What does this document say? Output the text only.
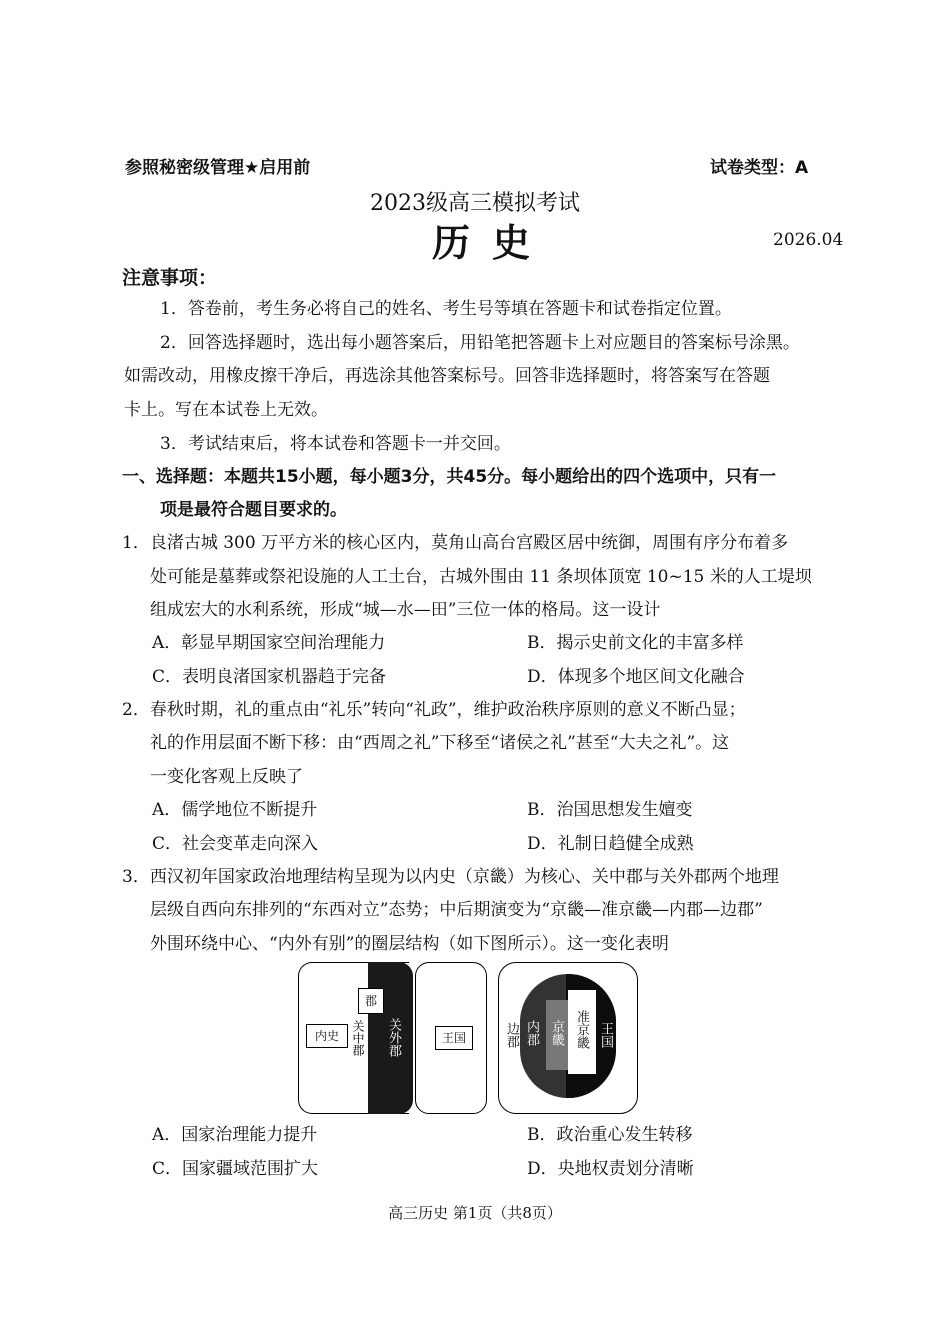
参照秘密级管理★启用前	试卷类型：A
2023级高三模拟考试
历史	2026.04
注意事项：
1．答卷前，考生务必将自己的姓名、考生号等填在答题卡和试卷指定位置。
2．回答选择题时，选出每小题答案后，用铅笔把答题卡上对应题目的答案标号涂黑。
如需改动，用橡皮擦干净后，再选涂其他答案标号。回答非选择题时，将答案写在答题
卡上。写在本试卷上无效。
3．考试结束后，将本试卷和答题卡一并交回。
一、选择题：本题共15小题，每小题3分，共45分。每小题给出的四个选项中，只有一
项是最符合题目要求的。
1．良渚古城 300 万平方米的核心区内，莫角山高台宫殿区居中统御，周围有序分布着多
处可能是墓葬或祭祀设施的人工土台，古城外围由 11 条坝体顶宽 10~15 米的人工堤坝
组成宏大的水利系统，形成“城—水—田”三位一体的格局。这一设计
A．彰显早期国家空间治理能力	B．揭示史前文化的丰富多样
C．表明良渚国家机器趋于完备	D．体现多个地区间文化融合
2．春秋时期，礼的重点由“礼乐”转向“礼政”，维护政治秩序原则的意义不断凸显；
礼的作用层面不断下移：由“西周之礼”下移至“诸侯之礼”甚至“大夫之礼”。这
一变化客观上反映了
A．儒学地位不断提升	B．治国思想发生嬗变
C．社会变革走向深入	D．礼制日趋健全成熟
3．西汉初年国家政治地理结构呈现为以内史（京畿）为核心、关中郡与关外郡两个地理
层级自西向东排列的“东西对立”态势；中后期演变为“京畿—准京畿—内郡—边郡”
外围环绕中心、“内外有别”的圈层结构（如下图所示）。这一变化表明
内史
郡
关中郡 关外郡	王国	边郡 内郡 京畿 准京畿 王国
A．国家治理能力提升	B．政治重心发生转移
C．国家疆域范围扩大	D．央地权责划分清晰
高三历史 第1页（共8页）
